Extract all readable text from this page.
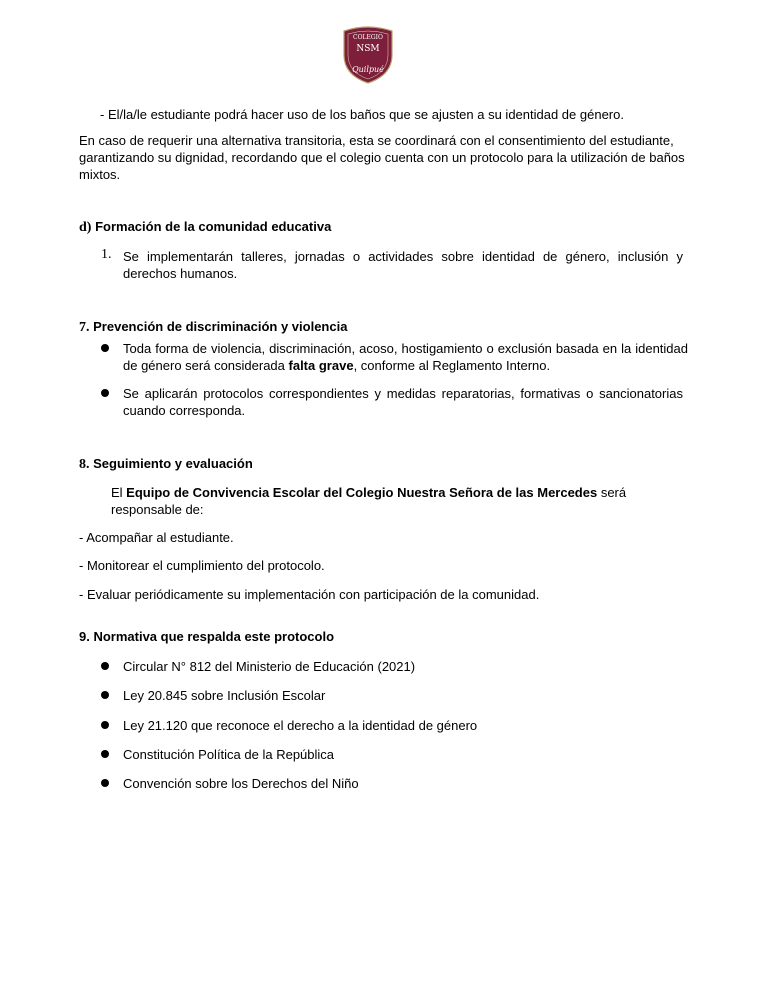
COLEGIO
NSM
Quilpué
- El/la/le estudiante podrá hacer uso de los baños que se ajusten a su identidad de género.
En caso de requerir una alternativa transitoria, esta se coordinará con el consentimiento del estudiante, garantizando su dignidad, recordando que el colegio cuenta con un protocolo para la utilización de baños mixtos.
d) Formación de la comunidad educativa
1. Se implementarán talleres, jornadas o actividades sobre identidad de género, inclusión y derechos humanos.
7. Prevención de discriminación y violencia
Toda forma de violencia, discriminación, acoso, hostigamiento o exclusión basada en la identidad de género será considerada falta grave, conforme al Reglamento Interno.
Se aplicarán protocolos correspondientes y medidas reparatorias, formativas o sancionatorias cuando corresponda.
8. Seguimiento y evaluación
El Equipo de Convivencia Escolar del Colegio Nuestra Señora de las Mercedes será responsable de:
- Acompañar al estudiante.
- Monitorear el cumplimiento del protocolo.
- Evaluar periódicamente su implementación con participación de la comunidad.
9. Normativa que respalda este protocolo
Circular N° 812 del Ministerio de Educación (2021)
Ley 20.845 sobre Inclusión Escolar
Ley 21.120 que reconoce el derecho a la identidad de género
Constitución Política de la República
Convención sobre los Derechos del Niño
